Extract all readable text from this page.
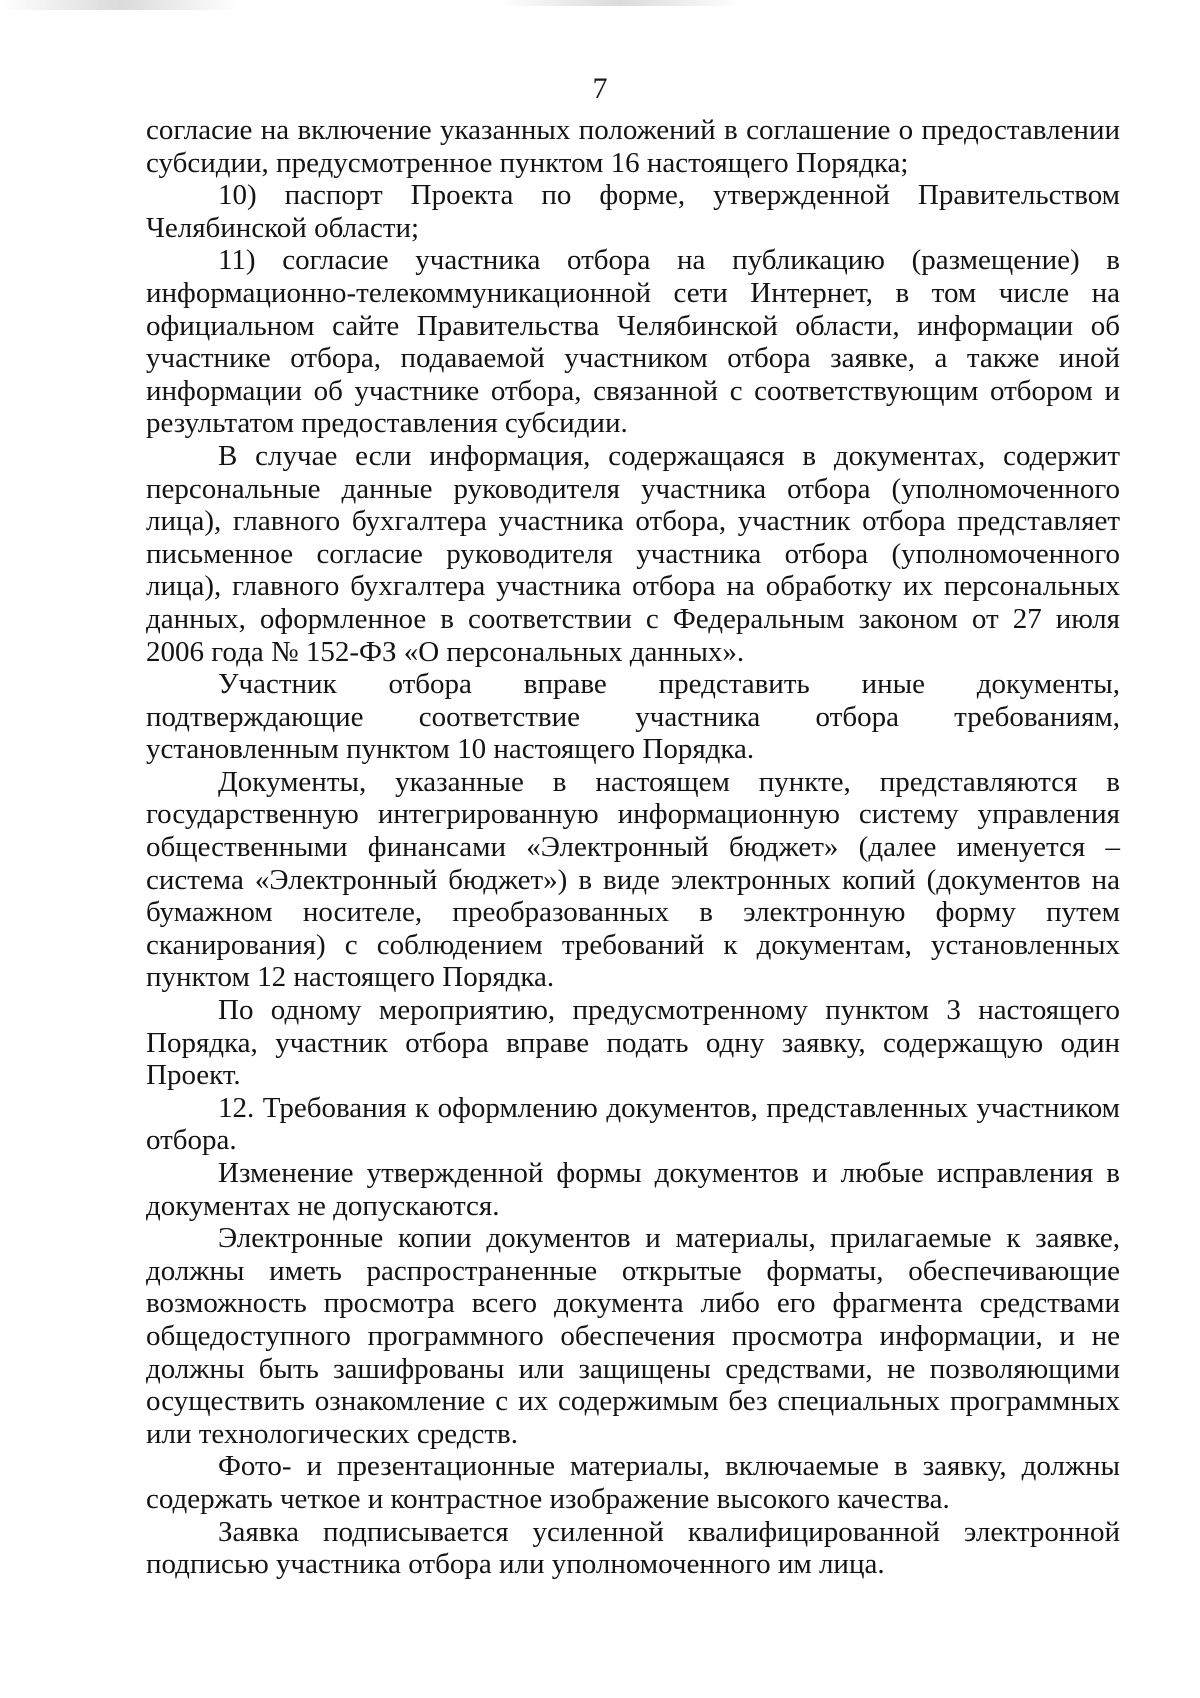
7

согласие на включение указанных положений в соглашение о предоставлении субсидии, предусмотренное пунктом 16 настоящего Порядка;

10) паспорт Проекта по форме, утвержденной Правительством Челябинской области;

11) согласие участника отбора на публикацию (размещение) в информационно-телекоммуникационной сети Интернет, в том числе на официальном сайте Правительства Челябинской области, информации об участнике отбора, подаваемой участником отбора заявке, а также иной информации об участнике отбора, связанной с соответствующим отбором и результатом предоставления субсидии.

В случае если информация, содержащаяся в документах, содержит персональные данные руководителя участника отбора (уполномоченного лица), главного бухгалтера участника отбора, участник отбора представляет письменное согласие руководителя участника отбора (уполномоченного лица), главного бухгалтера участника отбора на обработку их персональных данных, оформленное в соответствии с Федеральным законом от 27 июля 2006 года № 152-ФЗ «О персональных данных».

Участник отбора вправе представить иные документы, подтверждающие соответствие участника отбора требованиям, установленным пунктом 10 настоящего Порядка.

Документы, указанные в настоящем пункте, представляются в государственную интегрированную информационную систему управления общественными финансами «Электронный бюджет» (далее именуется – система «Электронный бюджет») в виде электронных копий (документов на бумажном носителе, преобразованных в электронную форму путем сканирования) с соблюдением требований к документам, установленных пунктом 12 настоящего Порядка.

По одному мероприятию, предусмотренному пунктом 3 настоящего Порядка, участник отбора вправе подать одну заявку, содержащую один Проект.

12. Требования к оформлению документов, представленных участником отбора.

Изменение утвержденной формы документов и любые исправления в документах не допускаются.

Электронные копии документов и материалы, прилагаемые к заявке, должны иметь распространенные открытые форматы, обеспечивающие возможность просмотра всего документа либо его фрагмента средствами общедоступного программного обеспечения просмотра информации, и не должны быть зашифрованы или защищены средствами, не позволяющими осуществить ознакомление с их содержимым без специальных программных или технологических средств.

Фото- и презентационные материалы, включаемые в заявку, должны содержать четкое и контрастное изображение высокого качества.

Заявка подписывается усиленной квалифицированной электронной подписью участника отбора или уполномоченного им лица.
